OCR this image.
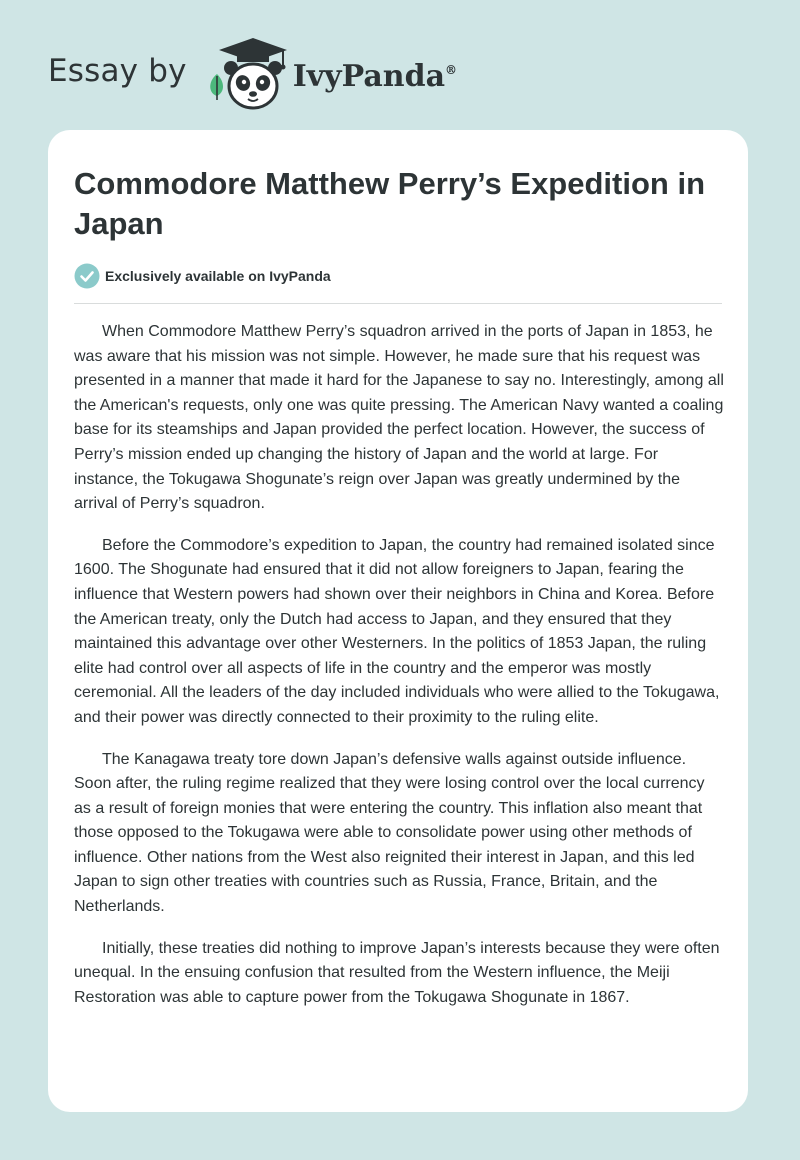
Essay by	IvyPanda®
Commodore Matthew Perry’s Expedition in Japan
Exclusively available on IvyPanda

When Commodore Matthew Perry’s squadron arrived in the ports of Japan in 1853, he was aware that his mission was not simple. However, he made sure that his request was presented in a manner that made it hard for the Japanese to say no. Interestingly, among all the American's requests, only one was quite pressing. The American Navy wanted a coaling base for its steamships and Japan provided the perfect location. However, the success of Perry’s mission ended up changing the history of Japan and the world at large. For instance, the Tokugawa Shogunate’s reign over Japan was greatly undermined by the arrival of Perry’s squadron.

Before the Commodore’s expedition to Japan, the country had remained isolated since 1600. The Shogunate had ensured that it did not allow foreigners to Japan, fearing the influence that Western powers had shown over their neighbors in China and Korea. Before the American treaty, only the Dutch had access to Japan, and they ensured that they maintained this advantage over other Westerners. In the politics of 1853 Japan, the ruling elite had control over all aspects of life in the country and the emperor was mostly ceremonial. All the leaders of the day included individuals who were allied to the Tokugawa, and their power was directly connected to their proximity to the ruling elite.

The Kanagawa treaty tore down Japan’s defensive walls against outside influence. Soon after, the ruling regime realized that they were losing control over the local currency as a result of foreign monies that were entering the country. This inflation also meant that those opposed to the Tokugawa were able to consolidate power using other methods of influence. Other nations from the West also reignited their interest in Japan, and this led Japan to sign other treaties with countries such as Russia, France, Britain, and the Netherlands.

Initially, these treaties did nothing to improve Japan’s interests because they were often unequal. In the ensuing confusion that resulted from the Western influence, the Meiji Restoration was able to capture power from the Tokugawa Shogunate in 1867.
